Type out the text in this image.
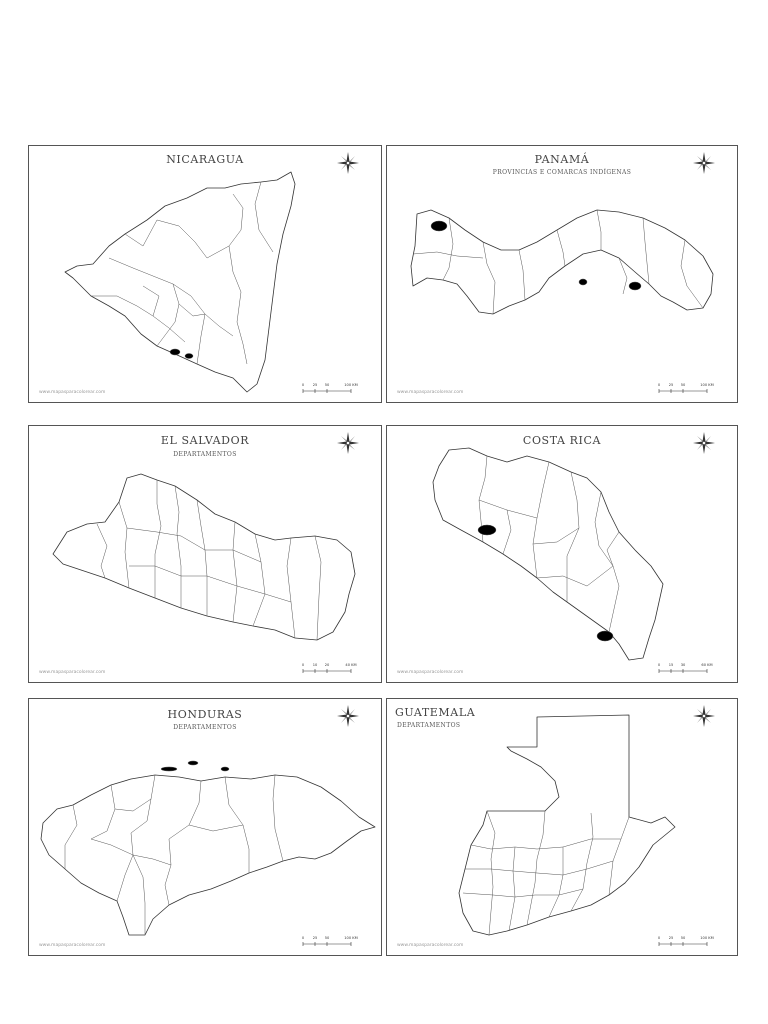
NICARAGUA
www.mapasparacolorear.com
0 25 50	100 KM
PANAMÁ
PROVINCIAS E COMARCAS INDÍGENAS
www.mapasparacolorear.com
0 25 50	100 KM
EL SALVADOR
DEPARTAMENTOS
www.mapasparacolorear.com
0 10 20	40 KM
COSTA RICA
www.mapasparacolorear.com
0 15 30	60 KM
HONDURAS
DEPARTAMENTOS
www.mapasparacolorear.com
0 25 50	100 KM
GUATEMALA
DEPARTAMENTOS
www.mapasparacolorear.com
0 25 50	100 KM
